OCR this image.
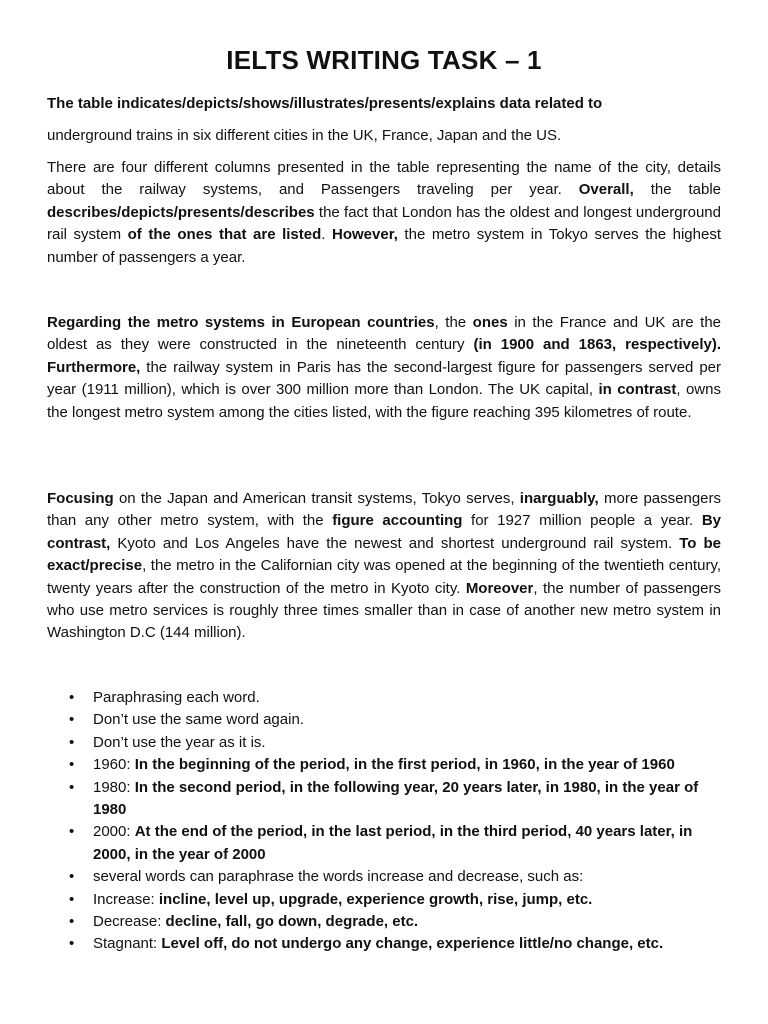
IELTS WRITING TASK – 1

The table indicates/depicts/shows/illustrates/presents/explains data related to

underground trains in six different cities in the UK, France, Japan and the US.

There are four different columns presented in the table representing the name of the city, details about the railway systems, and Passengers traveling per year. Overall, the table describes/depicts/presents/describes the fact that London has the oldest and longest underground rail system of the ones that are listed. However, the metro system in Tokyo serves the highest number of passengers a year.

Regarding the metro systems in European countries, the ones in the France and UK are the oldest as they were constructed in the nineteenth century (in 1900 and 1863, respectively). Furthermore, the railway system in Paris has the second-largest figure for passengers served per year (1911 million), which is over 300 million more than London. The UK capital, in contrast, owns the longest metro system among the cities listed, with the figure reaching 395 kilometres of route.

Focusing on the Japan and American transit systems, Tokyo serves, inarguably, more passengers than any other metro system, with the figure accounting for 1927 million people a year. By contrast, Kyoto and Los Angeles have the newest and shortest underground rail system. To be exact/precise, the metro in the Californian city was opened at the beginning of the twentieth century, twenty years after the construction of the metro in Kyoto city. Moreover, the number of passengers who use metro services is roughly three times smaller than in case of another new metro system in Washington D.C (144 million).

• Paraphrasing each word.
• Don’t use the same word again.
• Don’t use the year as it is.
• 1960: In the beginning of the period, in the first period, in 1960, in the year of 1960
• 1980: In the second period, in the following year, 20 years later, in 1980, in the year of 1980
• 2000: At the end of the period, in the last period, in the third period, 40 years later, in 2000, in the year of 2000
• several words can paraphrase the words increase and decrease, such as:
• Increase: incline, level up, upgrade, experience growth, rise, jump, etc.
• Decrease: decline, fall, go down, degrade, etc.
• Stagnant: Level off, do not undergo any change, experience little/no change, etc.
